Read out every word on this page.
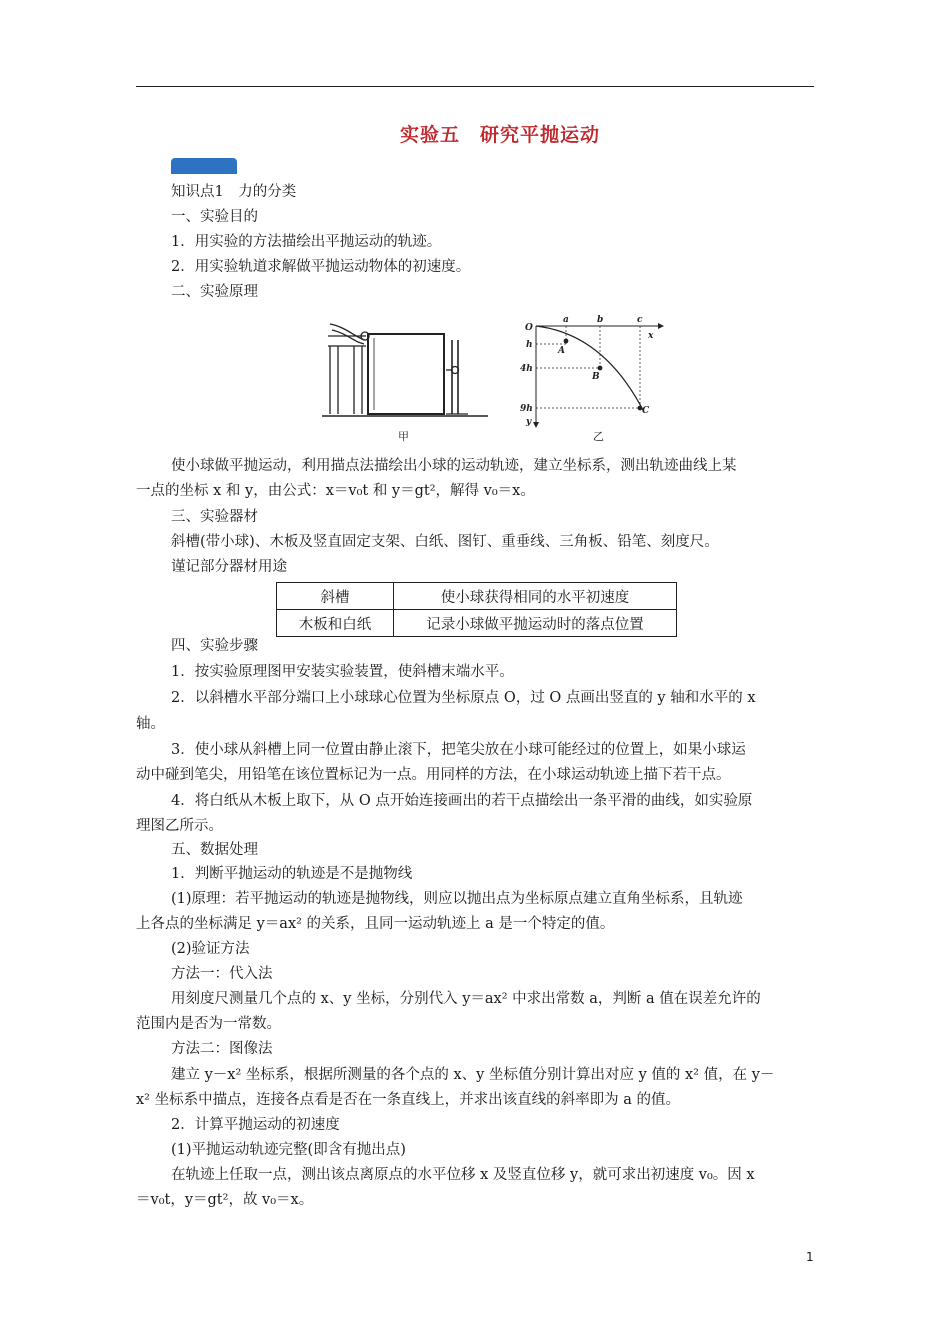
实验五　研究平抛运动
知识点1　力的分类
一、实验目的
1．用实验的方法描绘出平抛运动的轨迹。
2．用实验轨道求解做平抛运动物体的初速度。
二、实验原理
甲
O
x
y
a	b	c
h
4h
9h
A
B
C
乙
使小球做平抛运动，利用描点法描绘出小球的运动轨迹，建立坐标系，测出轨迹曲线上某
一点的坐标 x 和 y，由公式：x＝v₀t 和 y＝gt²，解得 v₀＝x。
三、实验器材
斜槽(带小球)、木板及竖直固定支架、白纸、图钉、重垂线、三角板、铅笔、刻度尺。
谨记部分器材用途
斜槽	使小球获得相同的水平初速度
木板和白纸	记录小球做平抛运动时的落点位置
四、实验步骤
1．按实验原理图甲安装实验装置，使斜槽末端水平。
2．以斜槽水平部分端口上小球球心位置为坐标原点 O，过 O 点画出竖直的 y 轴和水平的 x
轴。
3．使小球从斜槽上同一位置由静止滚下，把笔尖放在小球可能经过的位置上，如果小球运
动中碰到笔尖，用铅笔在该位置标记为一点。用同样的方法，在小球运动轨迹上描下若干点。
4．将白纸从木板上取下，从 O 点开始连接画出的若干点描绘出一条平滑的曲线，如实验原
理图乙所示。
五、数据处理
1．判断平抛运动的轨迹是不是抛物线
(1)原理：若平抛运动的轨迹是抛物线，则应以抛出点为坐标原点建立直角坐标系，且轨迹
上各点的坐标满足 y＝ax² 的关系，且同一运动轨迹上 a 是一个特定的值。
(2)验证方法
方法一：代入法
用刻度尺测量几个点的 x、y 坐标，分别代入 y＝ax² 中求出常数 a，判断 a 值在误差允许的
范围内是否为一常数。
方法二：图像法
建立 y－x² 坐标系，根据所测量的各个点的 x、y 坐标值分别计算出对应 y 值的 x² 值，在 y－
x² 坐标系中描点，连接各点看是否在一条直线上，并求出该直线的斜率即为 a 的值。
2．计算平抛运动的初速度
(1)平抛运动轨迹完整(即含有抛出点)
在轨迹上任取一点，测出该点离原点的水平位移 x 及竖直位移 y，就可求出初速度 v₀。因 x
＝v₀t，y＝gt²，故 v₀＝x。
1
